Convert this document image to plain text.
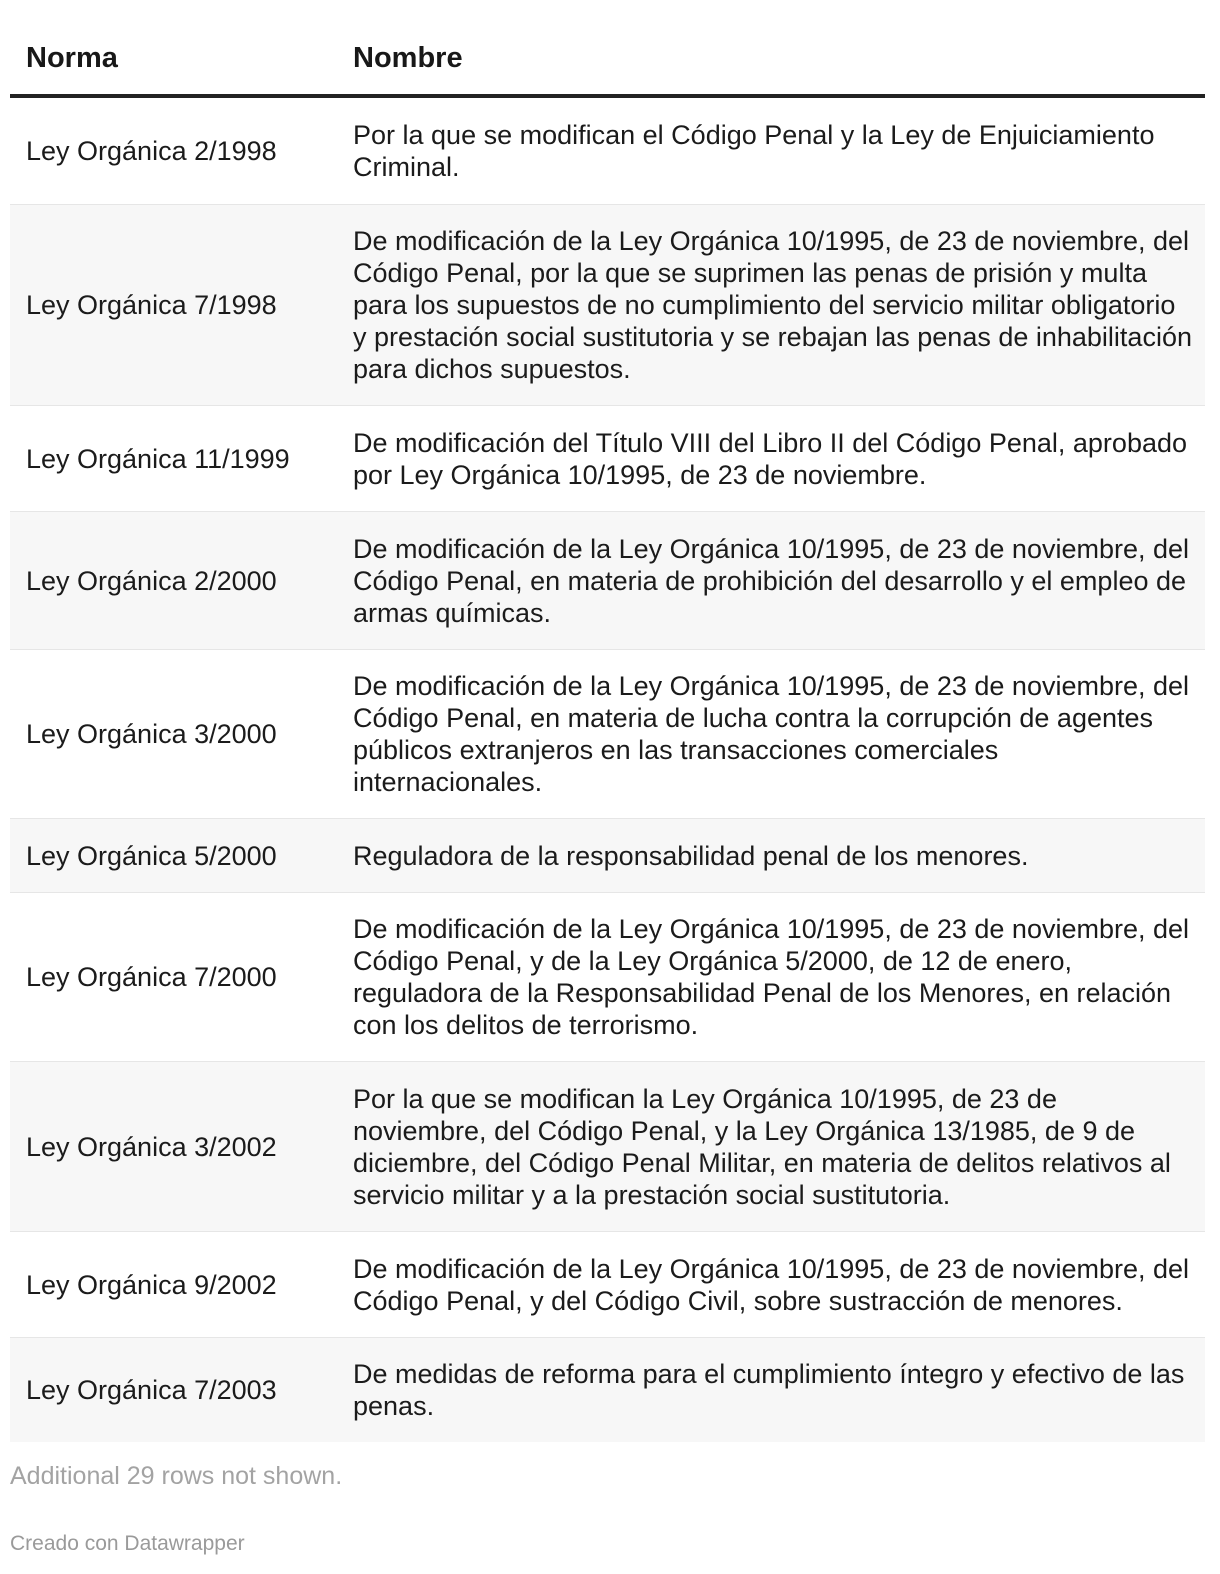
Norma	Nombre
Ley Orgánica 2/1998
Por la que se modifican el Código Penal y la Ley de Enjuiciamiento Criminal.
Ley Orgánica 7/1998
De modificación de la Ley Orgánica 10/1995, de 23 de noviembre, del Código Penal, por la que se suprimen las penas de prisión y multa para los supuestos de no cumplimiento del servicio militar obligatorio y prestación social sustitutoria y se rebajan las penas de inhabilitación para dichos supuestos.
Ley Orgánica 11/1999
De modificación del Título VIII del Libro II del Código Penal, aprobado por Ley Orgánica 10/1995, de 23 de noviembre.
Ley Orgánica 2/2000
De modificación de la Ley Orgánica 10/1995, de 23 de noviembre, del Código Penal, en materia de prohibición del desarrollo y el empleo de armas químicas.
Ley Orgánica 3/2000
De modificación de la Ley Orgánica 10/1995, de 23 de noviembre, del Código Penal, en materia de lucha contra la corrupción de agentes públicos extranjeros en las transacciones comerciales internacionales.
Ley Orgánica 5/2000	Reguladora de la responsabilidad penal de los menores.
Ley Orgánica 7/2000
De modificación de la Ley Orgánica 10/1995, de 23 de noviembre, del Código Penal, y de la Ley Orgánica 5/2000, de 12 de enero, reguladora de la Responsabilidad Penal de los Menores, en relación con los delitos de terrorismo.
Ley Orgánica 3/2002
Por la que se modifican la Ley Orgánica 10/1995, de 23 de noviembre, del Código Penal, y la Ley Orgánica 13/1985, de 9 de diciembre, del Código Penal Militar, en materia de delitos relativos al servicio militar y a la prestación social sustitutoria.
Ley Orgánica 9/2002
De modificación de la Ley Orgánica 10/1995, de 23 de noviembre, del Código Penal, y del Código Civil, sobre sustracción de menores.
Ley Orgánica 7/2003
De medidas de reforma para el cumplimiento íntegro y efectivo de las penas.
Additional 29 rows not shown.
Creado con Datawrapper
